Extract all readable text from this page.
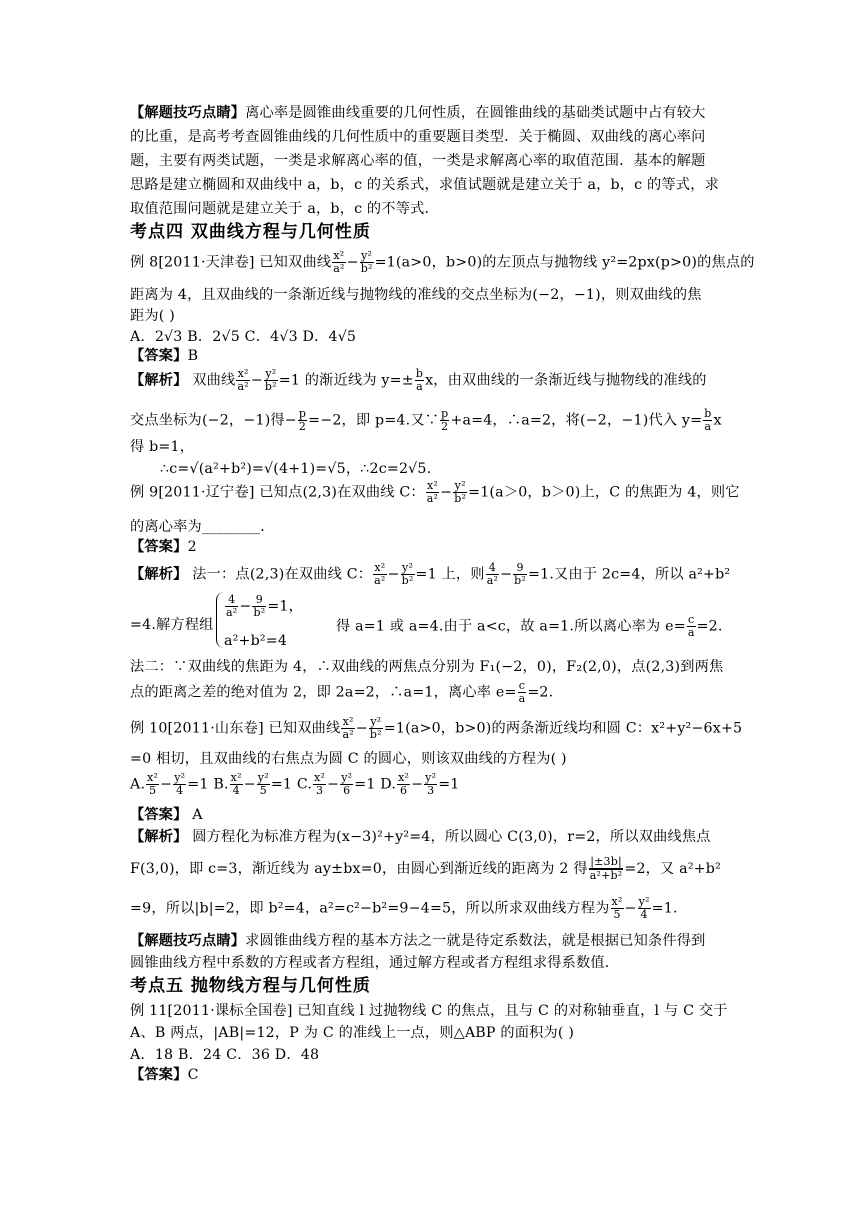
【解题技巧点睛】离心率是圆锥曲线重要的几何性质，在圆锥曲线的基础类试题中占有较大
的比重，是高考考查圆锥曲线的几何性质中的重要题目类型．关于椭圆、双曲线的离心率问
题，主要有两类试题，一类是求解离心率的值，一类是求解离心率的取值范围．基本的解题
思路是建立椭圆和双曲线中 a，b，c 的关系式，求值试题就是建立关于 a，b，c 的等式，求
取值范围问题就是建立关于 a，b，c 的不等式．
考点四 双曲线方程与几何性质
例 8[2011·天津卷] 已知双曲线 $\frac{\text{x²}}{\text{a²}} - \frac{\text{y²}}{\text{b²}} =1(a>0$，b>0)的左顶点与抛物线 y²=2px(p>0)的焦点的
距离为 4，且双曲线的一条渐近线与抛物线的准线的交点坐标为(−2，−1)，则双曲线的焦
距为( )
A．2√3 B．2√5 C．4√3 D．4√5
【答案】B
【解析】 双曲线 $\frac{\text{x²}}{\text{a²}} - \frac{\text{y²}}{\text{b²}} =1$ 的渐近线为 $y=\pm \frac{b}{a}$ x，由双曲线的一条渐近线与抛物线的准线的
交点坐标为(−2，−1)得− $\frac{p}{2} =-2$，即 p=4.又∵ $\frac{p}{2} +a=4$，∴a=2，将(−2，−1)代入 $y= \frac{b}{a}$ x
得 b=1，
∴c=√(a²+b²)=√(4+1)=√5，∴2c=2√5.
例 9[2011·辽宁卷] 已知点(2,3)在双曲线 C： $\frac{\text{x²}}{\text{a²}} - \frac{\text{y²}}{\text{b²}} =1(a>0$，b＞0)上，C 的焦距为 4，则它
的离心率为________．
【答案】2
【解析】 法一：点(2,3)在双曲线 C： $\frac{\text{x²}}{\text{a²}} - \frac{\text{y²}}{\text{b²}} =1$ 上，则 $\frac{4}{\text{a²}} - \frac{9}{\text{b²}} =1$.又由于 2c=4，所以 a²+b²
$\frac{4}{\text{a²}} - \frac{9}{\text{b²}} =1$，
a²+b²=4
=4.解方程组	得 a=1 或 a=4.由于 a<c，故 a=1.所以离心率为 $e= \frac{c}{a} =2$.
法二：∵双曲线的焦距为 4，∴双曲线的两焦点分别为 F₁(−2，0)，F₂(2,0)，点(2,3)到两焦
点的距离之差的绝对值为 2，即 2a=2，∴a=1，离心率 $e= \frac{c}{a} =2$.
例 10[2011·山东卷] 已知双曲线 $\frac{\text{x²}}{\text{a²}} - \frac{\text{y²}}{\text{b²}} =1(a>0$，b>0)的两条渐近线均和圆 C：x²+y²−6x+5
=0 相切，且双曲线的右焦点为圆 C 的圆心，则该双曲线的方程为( )
A. $\frac{\text{x²}}{5} - \frac{\text{y²}}{4} =1$ B. $\frac{\text{x²}}{4} - \frac{\text{y²}}{5} =1$ C. $\frac{\text{x²}}{3} - \frac{\text{y²}}{6} =1$ D. $\frac{\text{x²}}{6} - \frac{\text{y²}}{3} =1$
【答案】 A
【解析】 圆方程化为标准方程为(x−3)²+y²=4，所以圆心 C(3,0)，r=2，所以双曲线焦点
F(3,0)，即 c=3，渐近线为 ay±bx=0，由圆心到渐近线的距离为 2 得 $\frac{|\pm 3b|}{\text{a²+b²}} =2$，又 a²+b²
=9，所以|b|=2，即 b²=4，a²=c²−b²=9−4=5，所以所求双曲线方程为 $\frac{\text{x²}}{5} - \frac{\text{y²}}{4} =1$.
【解题技巧点睛】求圆锥曲线方程的基本方法之一就是待定系数法，就是根据已知条件得到
圆锥曲线方程中系数的方程或者方程组，通过解方程或者方程组求得系数值．
考点五 抛物线方程与几何性质
例 11[2011·课标全国卷] 已知直线 l 过抛物线 C 的焦点，且与 C 的对称轴垂直，l 与 C 交于
A、B 两点，|AB|=12，P 为 C 的准线上一点，则△ABP 的面积为( )
A．18 B．24 C．36 D．48
【答案】C
